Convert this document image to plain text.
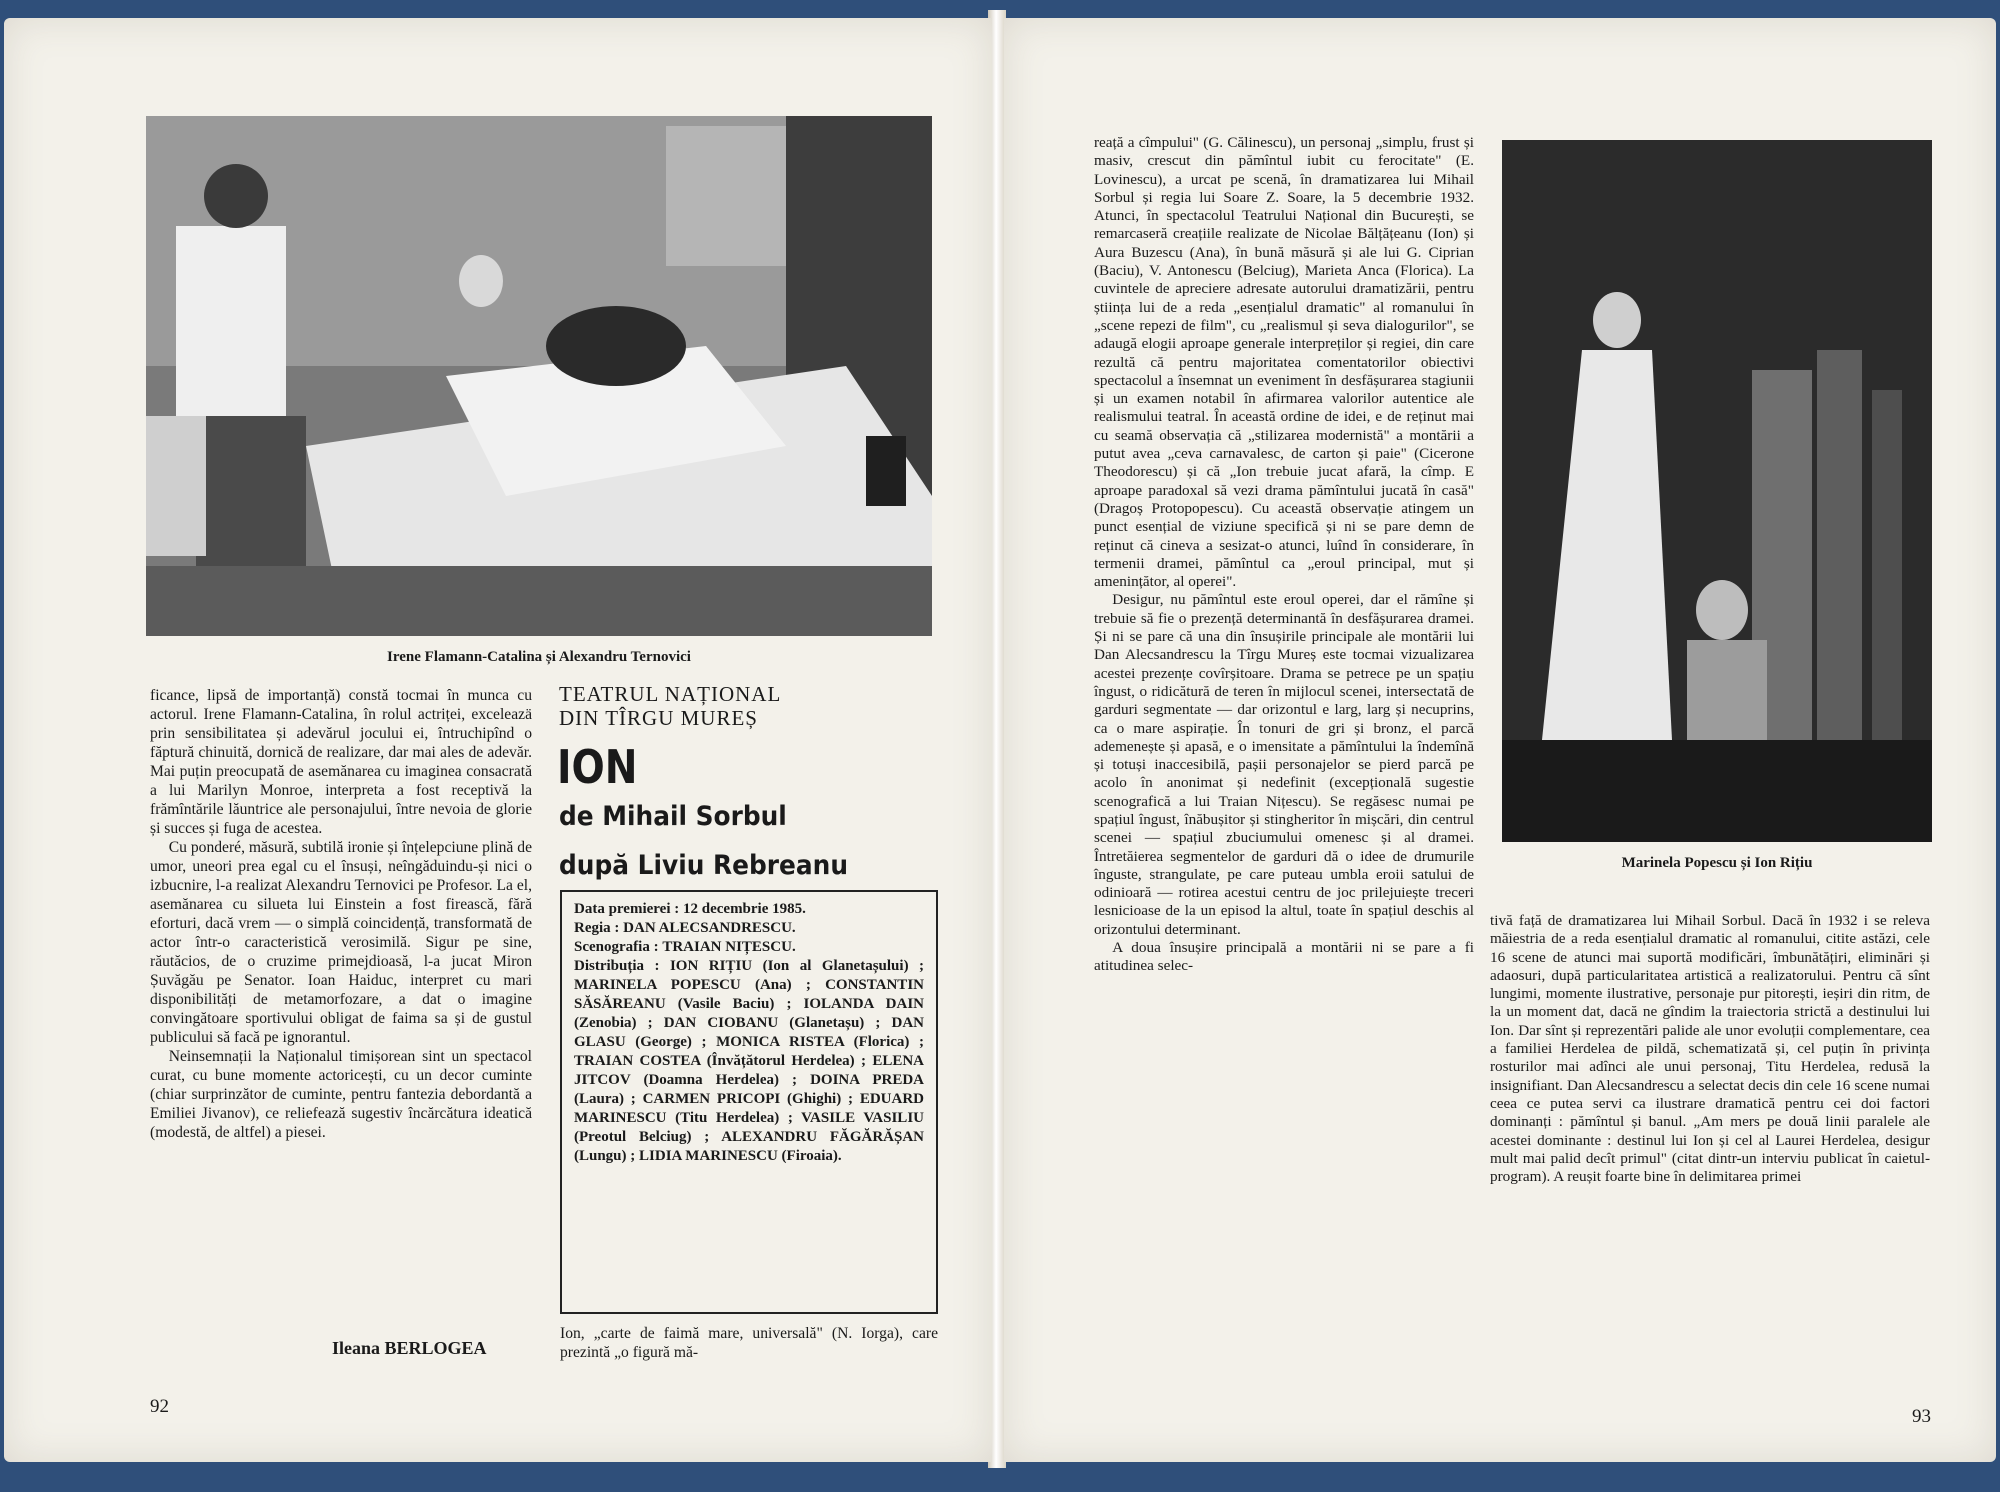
Irene Flamann-Catalina și Alexandru Ternovici

ficance, lipsă de importanță) constă tocmai în munca cu actorul. Irene Flamann-Catalina, în rolul actriței, exceleazä prin sensibilitatea și adevărul jocului ei, întruchipînd o făptură chinuită, dornică de realizare, dar mai ales de adevăr. Mai puțin preocupată de asemănarea cu imaginea consacrată a lui Marilyn Monroe, interpreta a fost receptivă la frămîntările lăuntrice ale personajului, între nevoia de glorie și succes și fuga de acestea.

Cu ponderé, măsură, subtilă ironie și înțelepciune plină de umor, uneori prea egal cu el însuși, neîngăduindu-și nici o izbucnire, l-a realizat Alexandru Ternovici pe Profesor. La el, asemănarea cu silueta lui Einstein a fost firească, fără eforturi, dacă vrem — o simplă coincidență, transformată de actor într-o caracteristică verosimilă. Sigur pe sine, răutăcios, de o cruzime primejdioasă, l-a jucat Miron Șuvăgău pe Senator. Ioan Haiduc, interpret cu mari disponibilități de metamorfozare, a dat o imagine convingătoare sportivului obligat de faima sa și de gustul publicului să facă pe ignorantul.

Neinsemnații la Naționalul timișorean sint un spectacol curat, cu bune momente actoricești, cu un decor cuminte (chiar surprinzător de cuminte, pentru fantezia debordantă a Emiliei Jivanov), ce reliefează sugestiv încărcătura ideatică (modestă, de altfel) a piesei.

Ileana BERLOGEA
TEATRUL NAȚIONAL
DIN TÎRGU MUREȘ
ION
de Mihail Sorbul
după Liviu Rebreanu
Data premierei : 12 decembrie 1985.
Regia : DAN ALECSANDRESCU.
Scenografia : TRAIAN NIȚESCU.
Distribuția : ION RIȚIU (Ion al Glanetașului) ; MARINELA POPESCU (Ana) ; CONSTANTIN SĂSĂREANU (Vasile Baciu) ; IOLANDA DAIN (Zenobia) ; DAN CIOBANU (Glanetașu) ; DAN GLASU (George) ; MONICA RISTEA (Florica) ; TRAIAN COSTEA (Învățătorul Herdelea) ; ELENA JITCOV (Doamna Herdelea) ; DOINA PREDA (Laura) ; CARMEN PRICOPI (Ghighi) ; EDUARD MARINESCU (Titu Herdelea) ; VASILE VASILIU (Preotul Belciug) ; ALEXANDRU FĂGĂRĂȘAN (Lungu) ; LIDIA MARINESCU (Firoaia).

Ion, „carte de faimă mare, universală" (N. Iorga), care prezintă „o figură mă-

92

reață a cîmpului" (G. Călinescu), un personaj „simplu, frust și masiv, crescut din pămîntul iubit cu ferocitate" (E. Lovinescu), a urcat pe scenă, în dramatizarea lui Mihail Sorbul și regia lui Soare Z. Soare, la 5 decembrie 1932. Atunci, în spectacolul Teatrului Național din București, se remarcaseră creațiile realizate de Nicolae Bălțățeanu (Ion) și Aura Buzescu (Ana), în bună măsură și ale lui G. Ciprian (Baciu), V. Antonescu (Belciug), Marieta Anca (Florica). La cuvintele de apreciere adresate autorului dramatizării, pentru știința lui de a reda „esențialul dramatic" al romanului în „scene repezi de film", cu „realismul și seva dialogurilor", se adaugă elogii aproape generale interpreților și regiei, din care rezultă că pentru majoritatea comentatorilor obiectivi spectacolul a însemnat un eveniment în desfășurarea stagiunii și un examen notabil în afirmarea valorilor autentice ale realismului teatral. În această ordine de idei, e de reținut mai cu seamă observația că „stilizarea modernistă" a montării a putut avea „ceva carnavalesc, de carton și paie" (Cicerone Theodorescu) și că „Ion trebuie jucat afară, la cîmp. E aproape paradoxal să vezi drama pămîntului jucată în casă" (Dragoș Protopopescu). Cu această observație atingem un punct esențial de viziune specifică și ni se pare demn de reținut că cineva a sesizat-o atunci, luînd în considerare, în termenii dramei, pămîntul ca „eroul principal, mut și amenințător, al operei".

Desigur, nu pămîntul este eroul operei, dar el rămîne și trebuie să fie o prezență determinantă în desfășurarea dramei. Și ni se pare că una din însușirile principale ale montării lui Dan Alecsandrescu la Tîrgu Mureș este tocmai vizualizarea acestei prezențe covîrșitoare. Drama se petrece pe un spațiu îngust, o ridicătură de teren în mijlocul scenei, intersectată de garduri segmentate — dar orizontul e larg, larg și necuprins, ca o mare aspirație. În tonuri de gri și bronz, el parcă ademenește și apasă, e o imensitate a pămîntului la îndemînă și totuși inaccesibilă, pașii personajelor se pierd parcă pe acolo în anonimat și nedefinit (excepțională sugestie scenografică a lui Traian Nițescu). Se regăsesc numai pe spațiul îngust, înăbușitor și stingheritor în mișcări, din centrul scenei — spațiul zbuciumului omenesc și al dramei. Întretăierea segmentelor de garduri dă o idee de drumurile înguste, strangulate, pe care puteau umbla eroii satului de odinioară — rotirea acestui centru de joc prilejuiește treceri lesnicioase de la un episod la altul, toate în spațiul deschis al orizontului determinant.

A doua însușire principală a montării ni se pare a fi atitudinea selec-

Marinela Popescu și Ion Rițiu

tivă față de dramatizarea lui Mihail Sorbul. Dacă în 1932 i se releva măiestria de a reda esențialul dramatic al romanului, citite astăzi, cele 16 scene de atunci mai suportă modificări, îmbunătățiri, eliminări și adaosuri, după particularitatea artistică a realizatorului. Pentru că sînt lungimi, momente ilustrative, personaje pur pitorești, ieșiri din ritm, de la un moment dat, dacă ne gîndim la traiectoria strictă a destinului lui Ion. Dar sînt și reprezentări palide ale unor evoluții complementare, cea a familiei Herdelea de pildă, schematizată și, cel puțin în privința rosturilor mai adînci ale unui personaj, Titu Herdelea, redusă la insignifiant. Dan Alecsandrescu a selectat decis din cele 16 scene numai ceea ce putea servi ca ilustrare dramatică pentru cei doi factori dominanți : pămîntul și banul. „Am mers pe două linii paralele ale acestei dominante : destinul lui Ion și cel al Laurei Herdelea, desigur mult mai palid decît primul" (citat dintr-un interviu publicat în caietul-program). A reușit foarte bine în delimitarea primei

93
